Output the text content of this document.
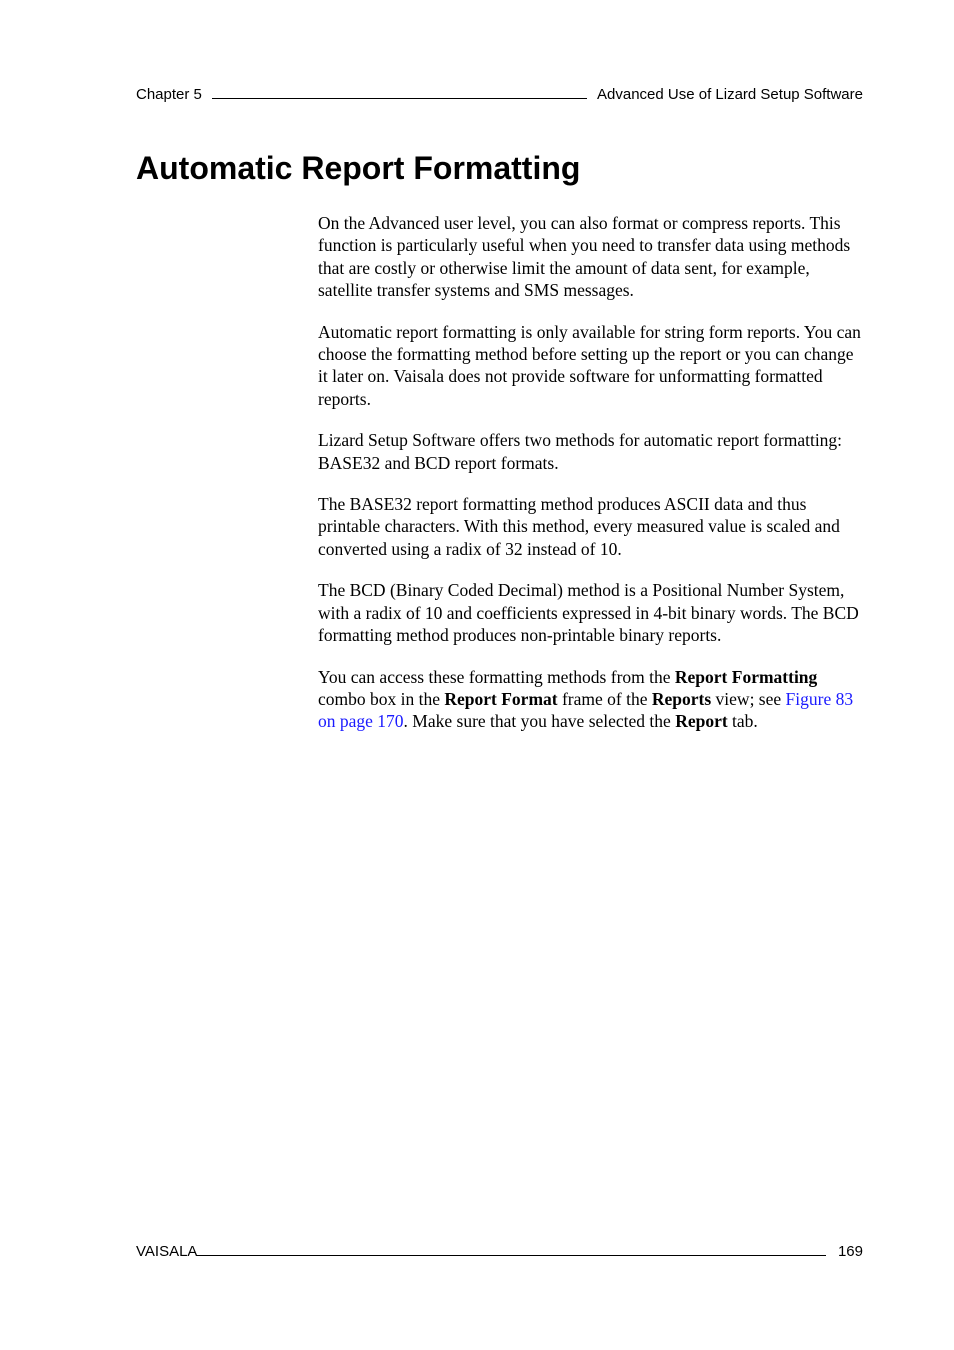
Chapter 5	Advanced Use of Lizard Setup Software
Automatic Report Formatting

On the Advanced user level, you can also format or compress reports. This function is particularly useful when you need to transfer data using methods that are costly or otherwise limit the amount of data sent, for example, satellite transfer systems and SMS messages.

Automatic report formatting is only available for string form reports. You can choose the formatting method before setting up the report or you can change it later on. Vaisala does not provide software for unformatting formatted reports.

Lizard Setup Software offers two methods for automatic report formatting: BASE32 and BCD report formats.

The BASE32 report formatting method produces ASCII data and thus printable characters. With this method, every measured value is scaled and converted using a radix of 32 instead of 10.

The BCD (Binary Coded Decimal) method is a Positional Number System, with a radix of 10 and coefficients expressed in 4-bit binary words. The BCD formatting method produces non-printable binary reports.

You can access these formatting methods from the Report Formatting combo box in the Report Format frame of the Reports view; see Figure 83 on page 170. Make sure that you have selected the Report tab.

VAISALA	169
